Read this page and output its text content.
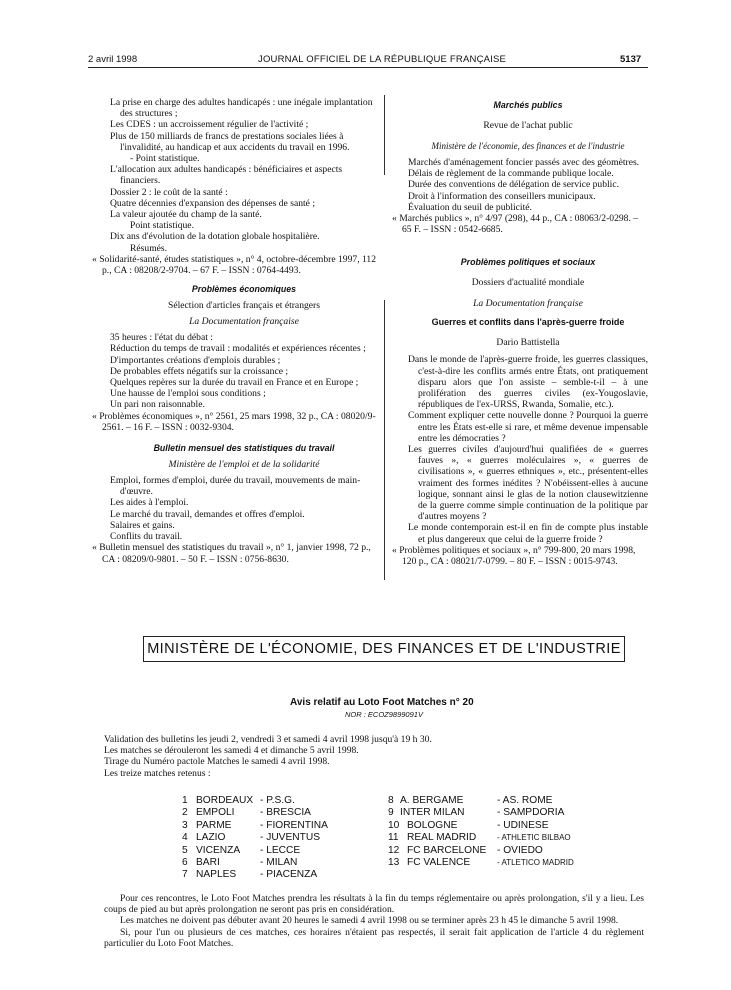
2 avril 1998	JOURNAL OFFICIEL DE LA RÉPUBLIQUE FRANÇAISE	5137

La prise en charge des adultes handicapés : une inégale implantation des structures ;

Les CDES : un accroissement régulier de l'activité ;

Plus de 150 milliards de francs de prestations sociales liées à l'invalidité, au handicap et aux accidents du travail en 1996.

- Point statistique.

L'allocation aux adultes handicapés : bénéficiaires et aspects financiers.

Dossier 2 : le coût de la santé :

Quatre décennies d'expansion des dépenses de santé ;

La valeur ajoutée du champ de la santé.

Point statistique.

Dix ans d'évolution de la dotation globale hospitalière.

Résumés.

« Solidarité-santé, études statistiques », n° 4, octobre-décembre 1997, 112 p., CA : 08208/2-9704. – 67 F. – ISSN : 0764-4493.

Problèmes économiques
Sélection d'articles français et étrangers
La Documentation française

35 heures : l'état du débat :

Réduction du temps de travail : modalités et expériences récentes ;

D'importantes créations d'emplois durables ;

De probables effets négatifs sur la croissance ;

Quelques repères sur la durée du travail en France et en Europe ;

Une hausse de l'emploi sous conditions ;

Un pari non raisonnable.

« Problèmes économiques », n° 2561, 25 mars 1998, 32 p., CA : 08020/9-2561. – 16 F. – ISSN : 0032-9304.

Bulletin mensuel des statistiques du travail
Ministère de l'emploi et de la solidarité

Emploi, formes d'emploi, durée du travail, mouvements de main-d'œuvre.

Les aides à l'emploi.

Le marché du travail, demandes et offres d'emploi.

Salaires et gains.

Conflits du travail.

« Bulletin mensuel des statistiques du travail », n° 1, janvier 1998, 72 p., CA : 08209/0-9801. – 50 F. – ISSN : 0756-8630.

Marchés publics
Revue de l'achat public
Ministère de l'économie, des finances et de l'industrie

Marchés d'aménagement foncier passés avec des géomètres.

Délais de règlement de la commande publique locale.

Durée des conventions de délégation de service public.

Droit à l'information des conseillers municipaux.

Évaluation du seuil de publicité.

« Marchés publics », n° 4/97 (298), 44 p., CA : 08063/2-0298. – 65 F. – ISSN : 0542-6685.

Problèmes politiques et sociaux
Dossiers d'actualité mondiale
La Documentation française
Guerres et conflits dans l'après-guerre froide
Dario Battistella

Dans le monde de l'après-guerre froide, les guerres classiques, c'est-à-dire les conflits armés entre États, ont pratiquement disparu alors que l'on assiste – semble-t-il – à une prolifération des guerres civiles (ex-Yougoslavie, républiques de l'ex-URSS, Rwanda, Somalie, etc.).

Comment expliquer cette nouvelle donne ? Pourquoi la guerre entre les États est-elle si rare, et même devenue impensable entre les démocraties ?

Les guerres civiles d'aujourd'hui qualifiées de « guerres fauves », « guerres moléculaires », « guerres de civilisations », « guerres ethniques », etc., présentent-elles vraiment des formes inédites ? N'obéissent-elles à aucune logique, sonnant ainsi le glas de la notion clausewitzienne de la guerre comme simple continuation de la politique par d'autres moyens ?

Le monde contemporain est-il en fin de compte plus instable et plus dangereux que celui de la guerre froide ?

« Problèmes politiques et sociaux », n° 799-800, 20 mars 1998, 120 p., CA : 08021/7-0799. – 80 F. – ISSN : 0015-9743.

MINISTÈRE DE L'ÉCONOMIE, DES FINANCES ET DE L'INDUSTRIE
Avis relatif au Loto Foot Matches n° 20
NOR : ECOZ9899091V

Validation des bulletins les jeudi 2, vendredi 3 et samedi 4 avril 1998 jusqu'à 19 h 30.

Les matches se dérouleront les samedi 4 et dimanche 5 avril 1998.

Tirage du Numéro pactole Matches le samedi 4 avril 1998.

Les treize matches retenus :

1 BORDEAUX - P.S.G.
2 EMPOLI	- BRESCIA
3 PARME	- FIORENTINA
4 LAZIO	- JUVENTUS
5 VICENZA - LECCE
6 BARI	- MILAN
7 NAPLES - PIACENZA
8 A. BERGAME	- AS. ROME
9 INTER MILAN	- SAMPDORIA
10 BOLOGNE	- UDINESE
11 REAL MADRID	- ATHLETIC BILBAO
12 FC BARCELONE - OVIEDO
13 FC VALENCE	- ATLETICO MADRID

Pour ces rencontres, le Loto Foot Matches prendra les résultats à la fin du temps réglementaire ou après prolongation, s'il y a lieu. Les coups de pied au but après prolongation ne seront pas pris en considération.

Les matches ne doivent pas débuter avant 20 heures le samedi 4 avril 1998 ou se terminer après 23 h 45 le dimanche 5 avril 1998.

Si, pour l'un ou plusieurs de ces matches, ces horaires n'étaient pas respectés, il serait fait application de l'article 4 du règlement particulier du Loto Foot Matches.
